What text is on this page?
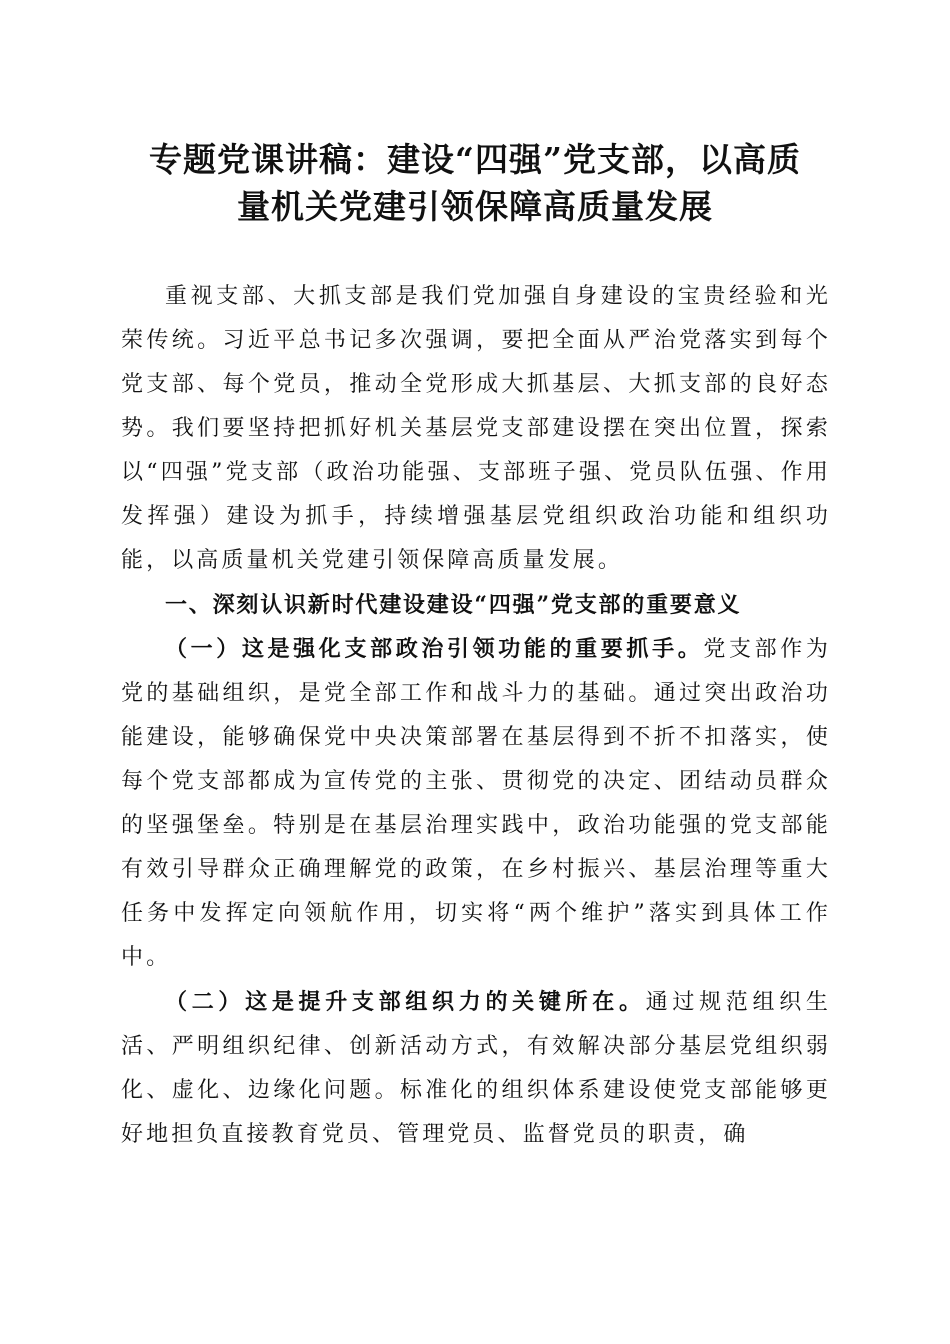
专题党课讲稿：建设“四强”党支部，以高质
量机关党建引领保障高质量发展

重视支部、大抓支部是我们党加强自身建设的宝贵经验和光荣传统。习近平总书记多次强调，要把全面从严治党落实到每个党支部、每个党员，推动全党形成大抓基层、大抓支部的良好态势。我们要坚持把抓好机关基层党支部建设摆在突出位置，探索以“四强”党支部（政治功能强、支部班子强、党员队伍强、作用发挥强）建设为抓手，持续增强基层党组织政治功能和组织功能，以高质量机关党建引领保障高质量发展。

一、深刻认识新时代建设建设“四强”党支部的重要意义

（一）这是强化支部政治引领功能的重要抓手。党支部作为党的基础组织，是党全部工作和战斗力的基础。通过突出政治功能建设，能够确保党中央决策部署在基层得到不折不扣落实，使每个党支部都成为宣传党的主张、贯彻党的决定、团结动员群众的坚强堡垒。特别是在基层治理实践中，政治功能强的党支部能有效引导群众正确理解党的政策，在乡村振兴、基层治理等重大任务中发挥定向领航作用，切实将“两个维护”落实到具体工作中。

（二）这是提升支部组织力的关键所在。通过规范组织生活、严明组织纪律、创新活动方式，有效解决部分基层党组织弱化、虚化、边缘化问题。标准化的组织体系建设使党支部能够更好地担负直接教育党员、管理党员、监督党员的职责，确
